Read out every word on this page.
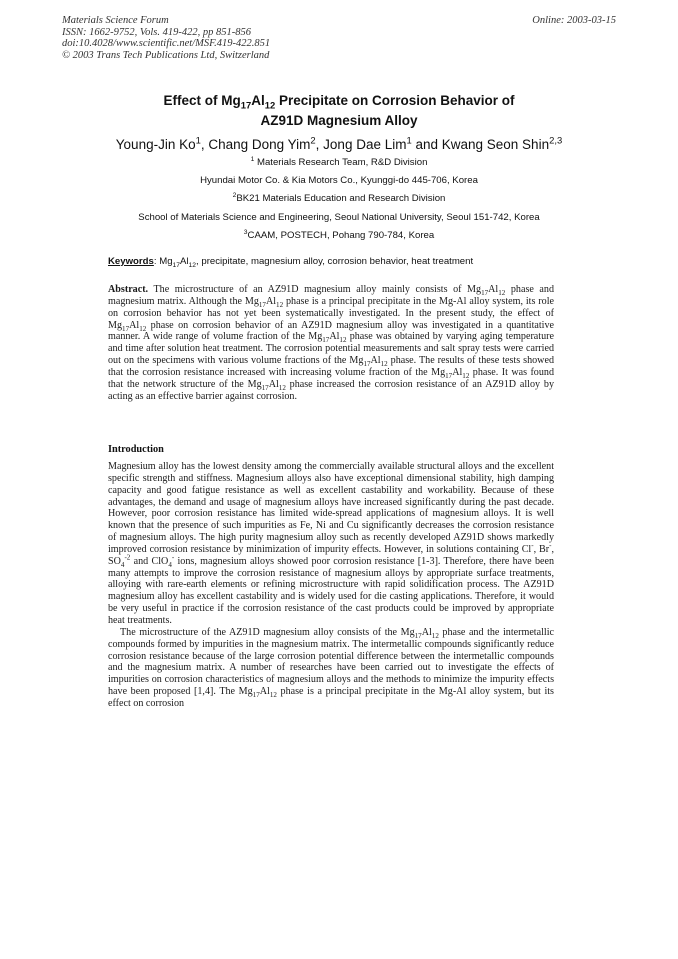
Materials Science Forum
ISSN: 1662-9752, Vols. 419-422, pp 851-856
doi:10.4028/www.scientific.net/MSF.419-422.851
© 2003 Trans Tech Publications Ltd, Switzerland
Online: 2003-03-15
Effect of $Mg_{17}Al_{12}$ Precipitate on Corrosion Behavior of
AZ91D Magnesium Alloy
Young-Jin Ko$^1$, Chang Dong Yim$^2$, Jong Dae Lim$^1$ and Kwang Seon Shin$^{2,3}$
$^1$ Materials Research Team, R&D Division
Hyundai Motor Co. & Kia Motors Co., Kyunggi-do 445-706, Korea
$^2$BK21 Materials Education and Research Division
School of Materials Science and Engineering, Seoul National University, Seoul 151-742, Korea
$^3$CAAM, POSTECH, Pohang 790-784, Korea
Keywords: $Mg_{17}Al_{12}$, precipitate, magnesium alloy, corrosion behavior, heat treatment
Abstract. The microstructure of an AZ91D magnesium alloy mainly consists of $Mg_{17}Al_{12}$ phase and magnesium matrix. Although the $Mg_{17}Al_{12}$ phase is a principal precipitate in the Mg-Al alloy system, its role on corrosion behavior has not yet been systematically investigated. In the present study, the effect of $Mg_{17}Al_{12}$ phase on corrosion behavior of an AZ91D magnesium alloy was investigated in a quantitative manner. A wide range of volume fraction of the $Mg_{17}Al_{12}$ phase was obtained by varying aging temperature and time after solution heat treatment. The corrosion potential measurements and salt spray tests were carried out on the specimens with various volume fractions of the $Mg_{17}Al_{12}$ phase. The results of these tests showed that the corrosion resistance increased with increasing volume fraction of the $Mg_{17}Al_{12}$ phase. It was found that the network structure of the $Mg_{17}Al_{12}$ phase increased the corrosion resistance of an AZ91D alloy by acting as an effective barrier against corrosion.
Introduction

Magnesium alloy has the lowest density among the commercially available structural alloys and the excellent specific strength and stiffness. Magnesium alloys also have exceptional dimensional stability, high damping capacity and good fatigue resistance as well as excellent castability and workability. Because of these advantages, the demand and usage of magnesium alloys have increased significantly during the past decade. However, poor corrosion resistance has limited wide-spread applications of magnesium alloys. It is well known that the presence of such impurities as Fe, Ni and Cu significantly decreases the corrosion resistance of magnesium alloys. The high purity magnesium alloy such as recently developed AZ91D shows markedly improved corrosion resistance by minimization of impurity effects. However, in solutions containing Cl-, Br-, $SO_4^{-2}$ and ClO$_4$- ions, magnesium alloys showed poor corrosion resistance [1-3]. Therefore, there have been many attempts to improve the corrosion resistance of magnesium alloys by appropriate surface treatments, alloying with rare-earth elements or refining microstructure with rapid solidification process. The AZ91D magnesium alloy has excellent castability and is widely used for die casting applications. Therefore, it would be very useful in practice if the corrosion resistance of the cast products could be improved by appropriate heat treatments.

The microstructure of the AZ91D magnesium alloy consists of the $Mg_{17}Al_{12}$ phase and the intermetallic compounds formed by impurities in the magnesium matrix. The intermetallic compounds significantly reduce corrosion resistance because of the large corrosion potential difference between the intermetallic compounds and the magnesium matrix. A number of researches have been carried out to investigate the effects of impurities on corrosion characteristics of magnesium alloys and the methods to minimize the impurity effects have been proposed [1,4]. The $Mg_{17}Al_{12}$ phase is a principal precipitate in the Mg-Al alloy system, but its effect on corrosion
